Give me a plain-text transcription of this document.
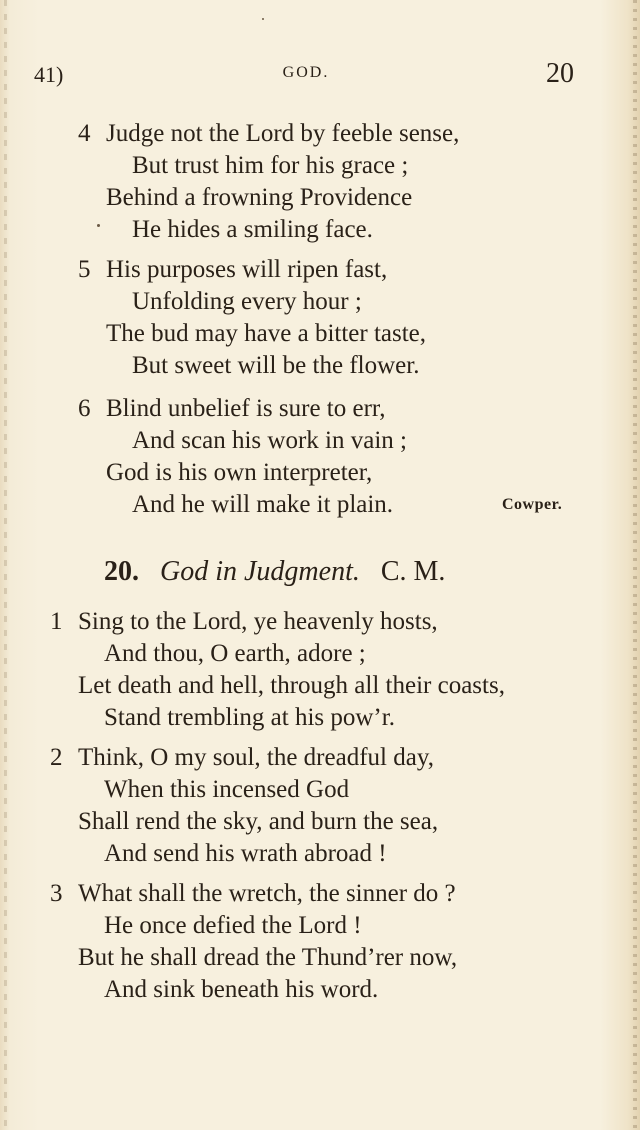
41)	GOD.	20
4 Judge not the Lord by feeble sense,
But trust him for his grace ;
Behind a frowning Providence
He hides a smiling face.
5 His purposes will ripen fast,
Unfolding every hour ;
The bud may have a bitter taste,
But sweet will be the flower.
6 Blind unbelief is sure to err,
And scan his work in vain ;
God is his own interpreter,
And he will make it plain.	Cowper.
20. God in Judgment. C. M.
1 Sing to the Lord, ye heavenly hosts,
And thou, O earth, adore ;
Let death and hell, through all their coasts,
Stand trembling at his pow’r.
2 Think, O my soul, the dreadful day,
When this incensed God
Shall rend the sky, and burn the sea,
And send his wrath abroad !
3 What shall the wretch, the sinner do ?
He once defied the Lord !
But he shall dread the Thund’rer now,
And sink beneath his word.
